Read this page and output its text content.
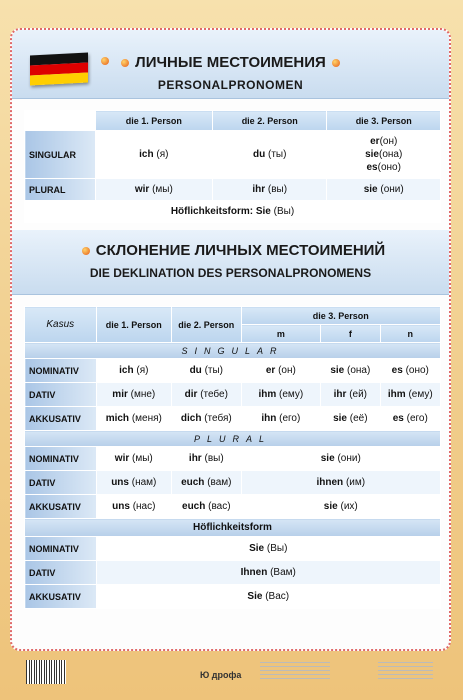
ЛИЧНЫЕ МЕСТОИМЕНИЯ
PERSONALPRONOMEN
	die 1. Person	die 2. Person	die 3. Person
SINGULAR	ich (я)	du (ты)	er(он)
sie(она)
es(оно)
PLURAL	wir (мы)	ihr (вы)	sie (они)
Höflichkeitsform: Sie (Вы)			
СКЛОНЕНИЕ ЛИЧНЫХ МЕСТОИМЕНИЙ
DIE DEKLINATION DES PERSONALPRONOMENS
Kasus	die 1. Person	die 2. Person	die 3. Person		
			m	f	n
SINGULAR					
NOMINATIV	ich (я)	du (ты)	er (он)	sie (она)	es (оно)
DATIV	mir (мне)	dir (тебе)	ihm (ему)	ihr (ей)	ihm (ему)
AKKUSATIV	mich (меня)	dich (тебя)	ihn (его)	sie (её)	es (его)
PLURAL					
NOMINATIV	wir (мы)	ihr (вы)	sie (они)		
DATIV	uns (нам)	euch (вам)	ihnen (им)		
AKKUSATIV	uns (нас)	euch (вас)	sie (их)		
Höflichkeitsform					
NOMINATIV	Sie (Вы)				
DATIV	Ihnen (Вам)				
AKKUSATIV	Sie (Вас)				
Ю дрофа
